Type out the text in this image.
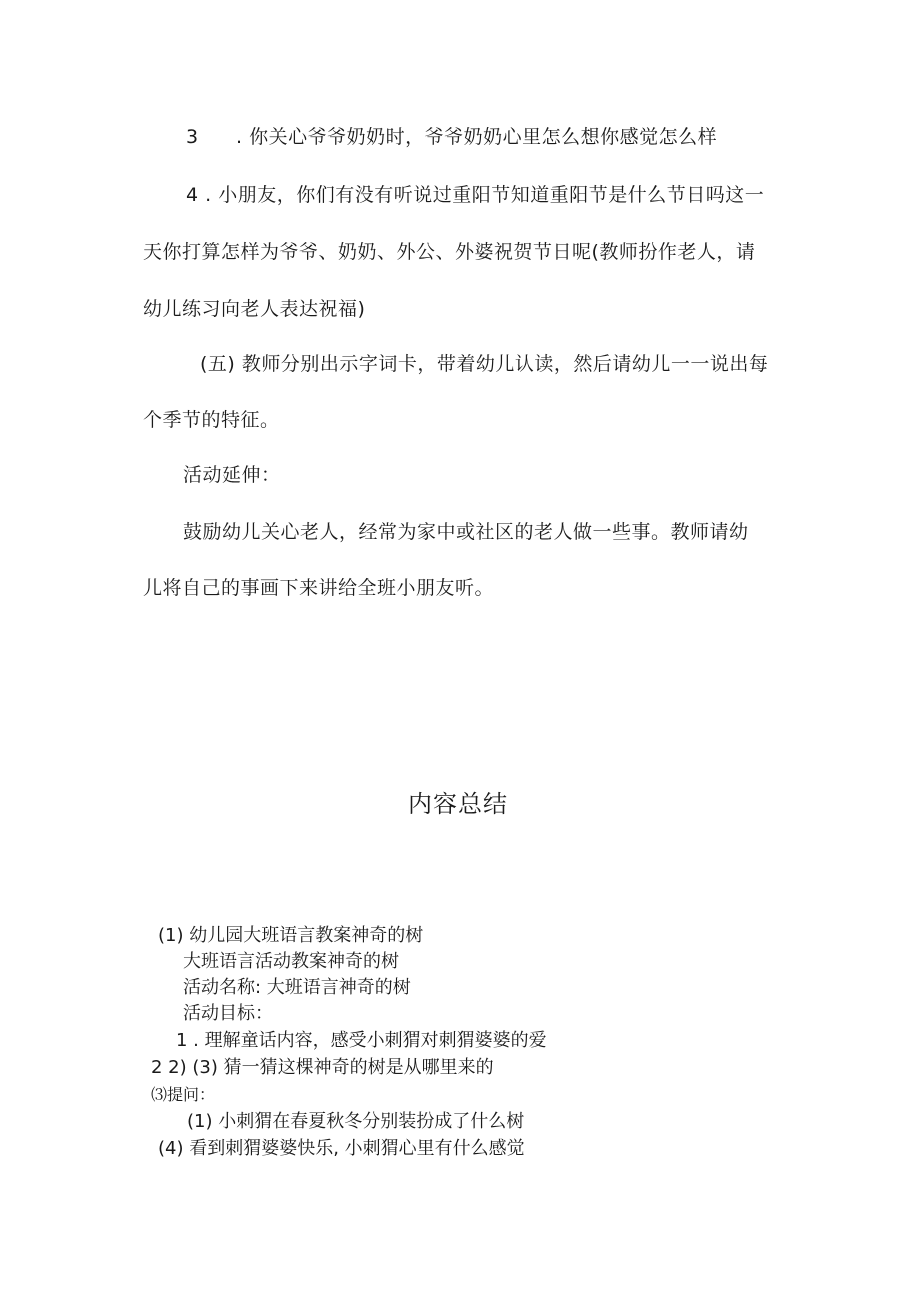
3 . 你关心爷爷奶奶时，爷爷奶奶心里怎么想你感觉怎么样
4 . 小朋友，你们有没有听说过重阳节知道重阳节是什么节日吗这一
天你打算怎样为爷爷、奶奶、外公、外婆祝贺节日呢(教师扮作老人，请
幼儿练习向老人表达祝福)
(五) 教师分别出示字词卡，带着幼儿认读，然后请幼儿一一说出每
个季节的特征。
活动延伸：
鼓励幼儿关心老人，经常为家中或社区的老人做一些事。教师请幼
儿将自己的事画下来讲给全班小朋友听。
内容总结
(1) 幼儿园大班语言教案神奇的树
大班语言活动教案神奇的树
活动名称: 大班语言神奇的树
活动目标：
1 . 理解童话内容，感受小刺猬对刺猬婆婆的爱
2 2) (3) 猜一猜这棵神奇的树是从哪里来的
⑶提问：
(1) 小刺猬在春夏秋冬分别装扮成了什么树
(4) 看到刺猬婆婆快乐, 小刺猬心里有什么感觉
